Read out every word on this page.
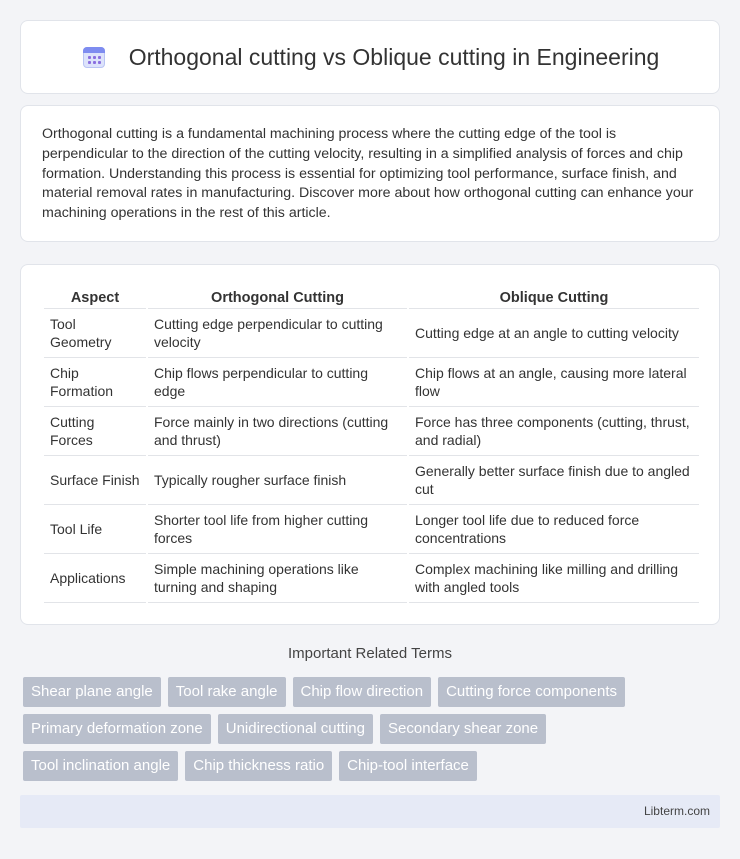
Orthogonal cutting vs Oblique cutting in Engineering

Orthogonal cutting is a fundamental machining process where the cutting edge of the tool is perpendicular to the direction of the cutting velocity, resulting in a simplified analysis of forces and chip formation. Understanding this process is essential for optimizing tool performance, surface finish, and material removal rates in manufacturing. Discover more about how orthogonal cutting can enhance your machining operations in the rest of this article.

Aspect	Orthogonal Cutting	Oblique Cutting
Tool Geometry	Cutting edge perpendicular to cutting velocity	Cutting edge at an angle to cutting velocity
Chip Formation	Chip flows perpendicular to cutting edge	Chip flows at an angle, causing more lateral flow
Cutting Forces	Force mainly in two directions (cutting and thrust)	Force has three components (cutting, thrust, and radial)
Surface Finish	Typically rougher surface finish	Generally better surface finish due to angled cut
Tool Life	Shorter tool life from higher cutting forces	Longer tool life due to reduced force concentrations
Applications	Simple machining operations like turning and shaping	Complex machining like milling and drilling with angled tools
Important Related Terms
Shear plane angle	Tool rake angle	Chip flow direction	Cutting force components
Primary deformation zone	Unidirectional cutting	Secondary shear zone
Tool inclination angle	Chip thickness ratio	Chip-tool interface
Libterm.com
